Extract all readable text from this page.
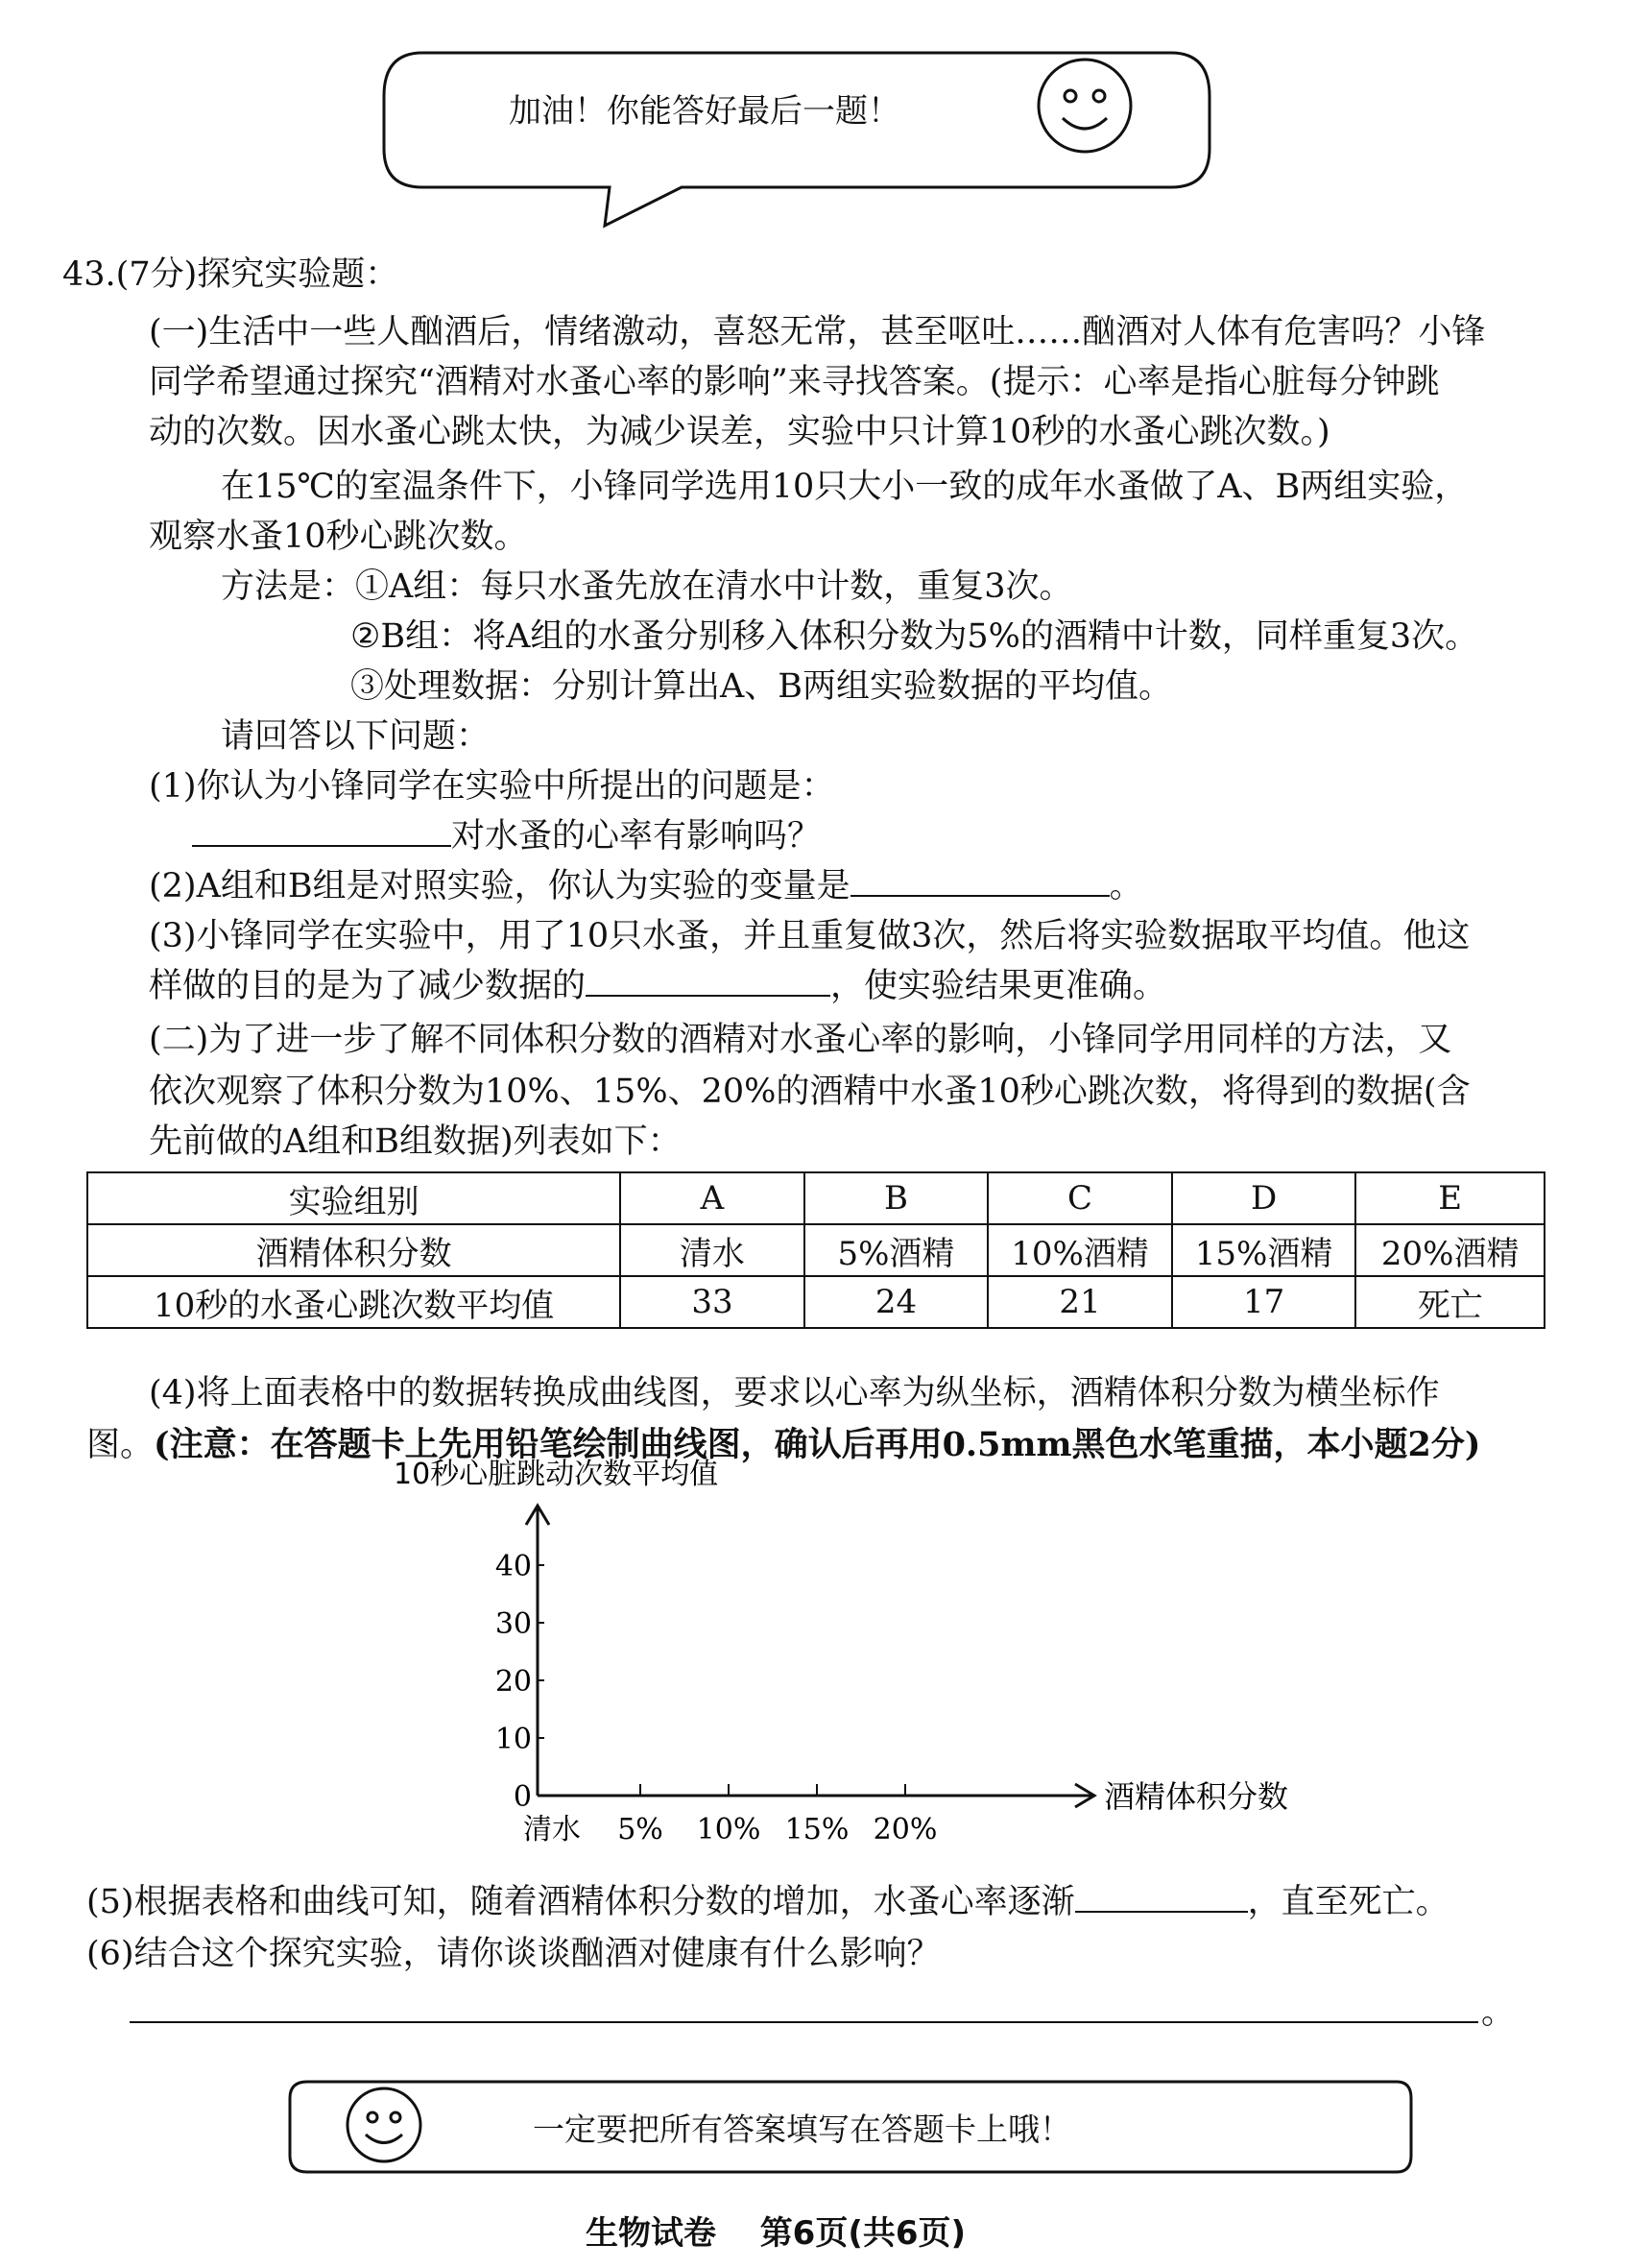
加油！你能答好最后一题！
43.(7分)探究实验题：
(一)生活中一些人酗酒后，情绪激动，喜怒无常，甚至呕吐……酗酒对人体有危害吗？小锋
同学希望通过探究“酒精对水蚤心率的影响”来寻找答案。(提示：心率是指心脏每分钟跳
动的次数。因水蚤心跳太快，为减少误差，实验中只计算10秒的水蚤心跳次数。)
在15℃的室温条件下，小锋同学选用10只大小一致的成年水蚤做了A、B两组实验，
观察水蚤10秒心跳次数。
方法是：①A组：每只水蚤先放在清水中计数，重复3次。
②B组：将A组的水蚤分别移入体积分数为5%的酒精中计数，同样重复3次。
③处理数据：分别计算出A、B两组实验数据的平均值。
请回答以下问题：
(1)你认为小锋同学在实验中所提出的问题是：
对水蚤的心率有影响吗？
(2)A组和B组是对照实验，你认为实验的变量是	。
(3)小锋同学在实验中，用了10只水蚤，并且重复做3次，然后将实验数据取平均值。他这
样做的目的是为了减少数据的	，使实验结果更准确。
(二)为了进一步了解不同体积分数的酒精对水蚤心率的影响，小锋同学用同样的方法，又
依次观察了体积分数为10%、15%、20%的酒精中水蚤10秒心跳次数，将得到的数据(含
先前做的A组和B组数据)列表如下：
实验组别	A	B	C	D	E
酒精体积分数	清水	5%酒精	10%酒精	15%酒精	20%酒精
10秒的水蚤心跳次数平均值	33	24	21	17	死亡
(4)将上面表格中的数据转换成曲线图，要求以心率为纵坐标，酒精体积分数为横坐标作
图。(注意：在答题卡上先用铅笔绘制曲线图，确认后再用0.5mm黑色水笔重描，本小题2分)
10秒心脏跳动次数平均值
0
10
20
30
40
清水 5% 10% 15% 20%
酒精体积分数
(5)根据表格和曲线可知，随着酒精体积分数的增加，水蚤心率逐渐	，直至死亡。
(6)结合这个探究实验，请你谈谈酗酒对健康有什么影响？
。
一定要把所有答案填写在答题卡上哦！
生物试卷 第6页(共6页)
